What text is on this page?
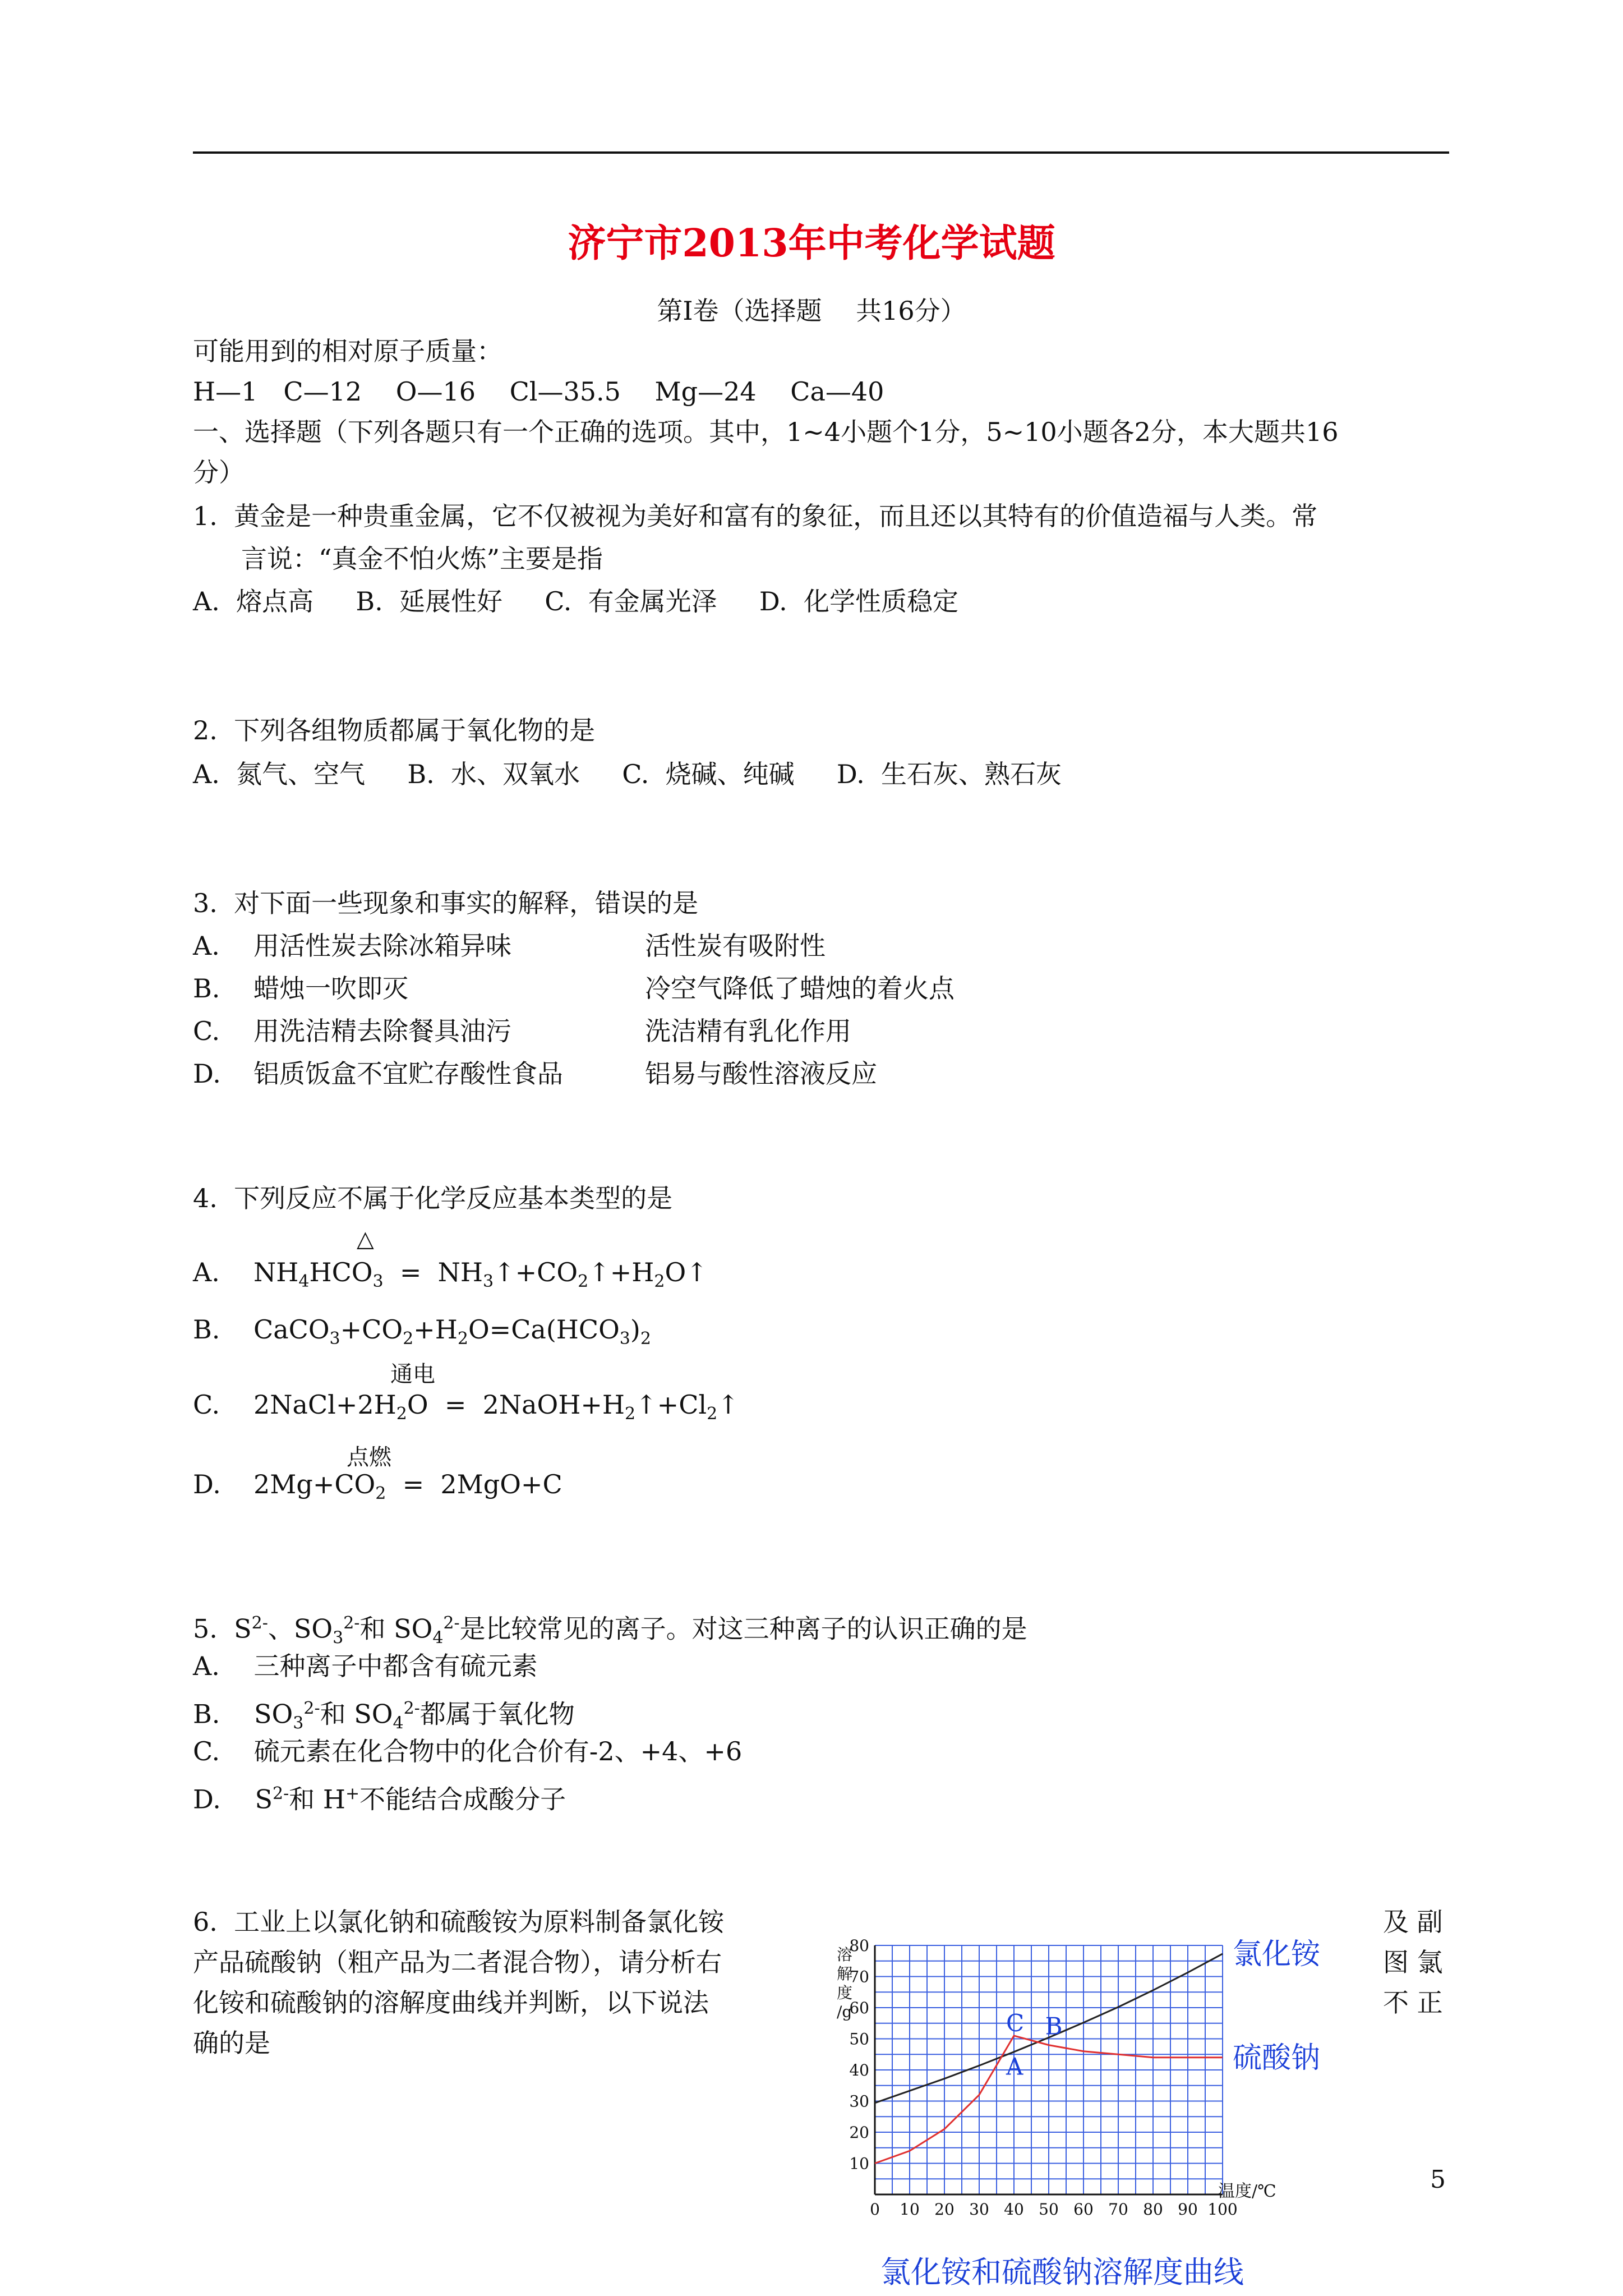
济宁市2013年中考化学试题
第Ⅰ卷（选择题　 共16分）
可能用到的相对原子质量：
H—1　C—12　 O—16　 Cl—35.5　 Mg—24　 Ca—40
一、选择题（下列各题只有一个正确的选项。其中，1~4小题个1分，5~10小题各2分，本大题共16
分）
1.  黄金是一种贵重金属，它不仅被视为美好和富有的象征，而且还以其特有的价值造福与人类。常
言说：“真金不怕火炼”主要是指
A.  熔点高　  B.  延展性好　  C.  有金属光泽　  D.  化学性质稳定
2.  下列各组物质都属于氧化物的是
A.  氮气、空气　  B.  水、双氧水　  C.  烧碱、纯碱　  D.  生石灰、熟石灰
3.  对下面一些现象和事实的解释，错误的是
A. 用活性炭去除冰箱异味	活性炭有吸附性
B. 蜡烛一吹即灭	冷空气降低了蜡烛的着火点
C. 用洗洁精去除餐具油污	洗洁精有乳化作用
D. 铝质饭盒不宜贮存酸性食品	铝易与酸性溶液反应
4.  下列反应不属于化学反应基本类型的是
△
A. $NH_4HCO_3$  =  $NH_3↑+CO_2↑+H_2O↑$
B. $CaCO_3+CO_2+H_2O=Ca(HCO_3)_2$
通电
C. $2NaCl+2H_2O$  =  $2NaOH+H_2↑+Cl_2↑$
点燃
D. $2Mg+CO_2 = 2MgO+C$
5.  $S^{2-}$、$SO_3^{2-}$和 $SO_4^{2-}$是比较常见的离子。对这三种离子的认识正确的是
A.　 三种离子中都含有硫元素
B.　 $SO_3^{2-}$和 $SO_4^{2-}$都属于氧化物
C.　 硫元素在化合物中的化合价有-2、+4、+6
D.　 $S^{2-}$和 H+不能结合成酸分子
6.  工业上以氯化钠和硫酸铵为原料制备氯化铵
产品硫酸钠（粗产品为二者混合物），请分析右
化铵和硫酸钠的溶解度曲线并判断，以下说法
确的是
及 副
图 氯
不 正
5
0 10 20 30 40 50 60 70 80 90 100
10
20
30
40
50
60
70
80
溶
解
度
/g
温度/℃
氯化铵
硫酸钠
A
B
C
氯化铵和硫酸钠溶解度曲线
